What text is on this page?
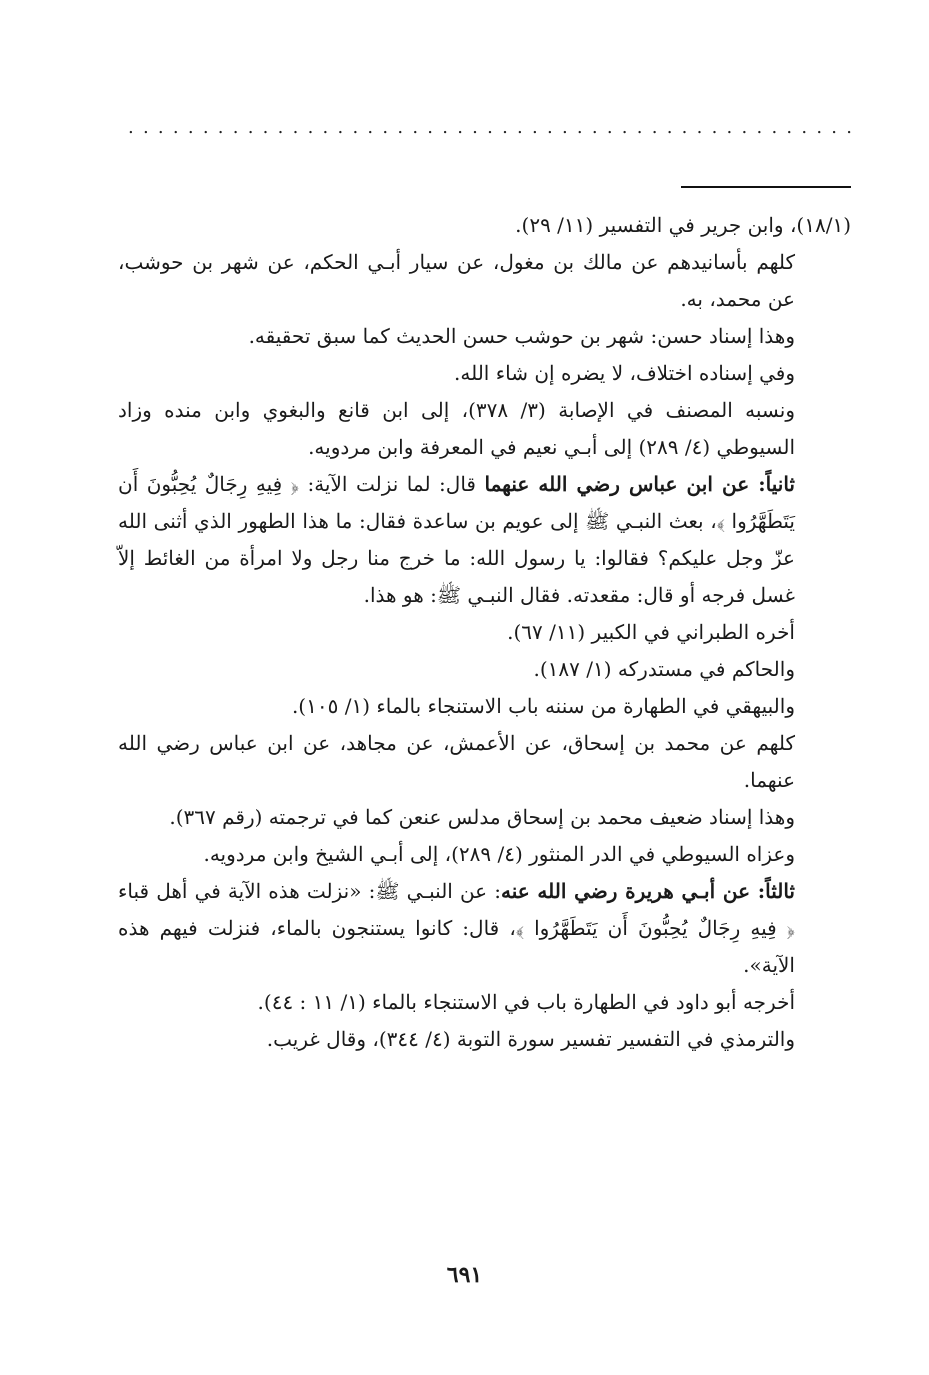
. . . . . . . . . . . . . . . . . . . . . . . . . . . . . . . . . . . . . . . . . . . . . . . . .

(١٨/١)، وابن جرير في التفسير (١١/ ٢٩).

كلهم بأسانيدهم عن مالك بن مغول، عن سيار أبـي الحكم، عن شهر بن حوشب، عن محمد، به.

وهذا إسناد حسن: شهر بن حوشب حسن الحديث كما سبق تحقيقه.

وفي إسناده اختلاف، لا يضره إن شاء الله.

ونسبه المصنف في الإصابة (٣/ ٣٧٨)، إلى ابن قانع والبغوي وابن منده وزاد السيوطي (٤/ ٢٨٩) إلى أبـي نعيم في المعرفة وابن مردويه.

ثانياً: عن ابن عباس رضي الله عنهما قال: لما نزلت الآية: ﴿ فِيهِ رِجَالٌ يُحِبُّونَ أَن يَتَطَهَّرُوا ﴾، بعث النبـي ﷺ إلى عويم بن ساعدة فقال: ما هذا الطهور الذي أثنى الله عزّ وجل عليكم؟ فقالوا: يا رسول الله: ما خرج منا رجل ولا امرأة من الغائط إلاّ غسل فرجه أو قال: مقعدته. فقال النبـي ﷺ: هو هذا.

أخره الطبراني في الكبير (١١/ ٦٧).

والحاكم في مستدركه (١/ ١٨٧).

والبيهقي في الطهارة من سننه باب الاستنجاء بالماء (١/ ١٠٥).

كلهم عن محمد بن إسحاق، عن الأعمش، عن مجاهد، عن ابن عباس رضي الله عنهما.

وهذا إسناد ضعيف محمد بن إسحاق مدلس عنعن كما في ترجمته (رقم ٣٦٧).

وعزاه السيوطي في الدر المنثور (٤/ ٢٨٩)، إلى أبـي الشيخ وابن مردويه.

ثالثاً: عن أبـي هريرة رضي الله عنه: عن النبـي ﷺ: «نزلت هذه الآية في أهل قباء ﴿ فِيهِ رِجَالٌ يُحِبُّونَ أَن يَتَطَهَّرُوا ﴾، قال: كانوا يستنجون بالماء، فنزلت فيهم هذه الآية».

أخرجه أبو داود في الطهارة باب في الاستنجاء بالماء (١/ ١١ : ٤٤).

والترمذي في التفسير تفسير سورة التوبة (٤/ ٣٤٤)، وقال غريب.

٦٩١
